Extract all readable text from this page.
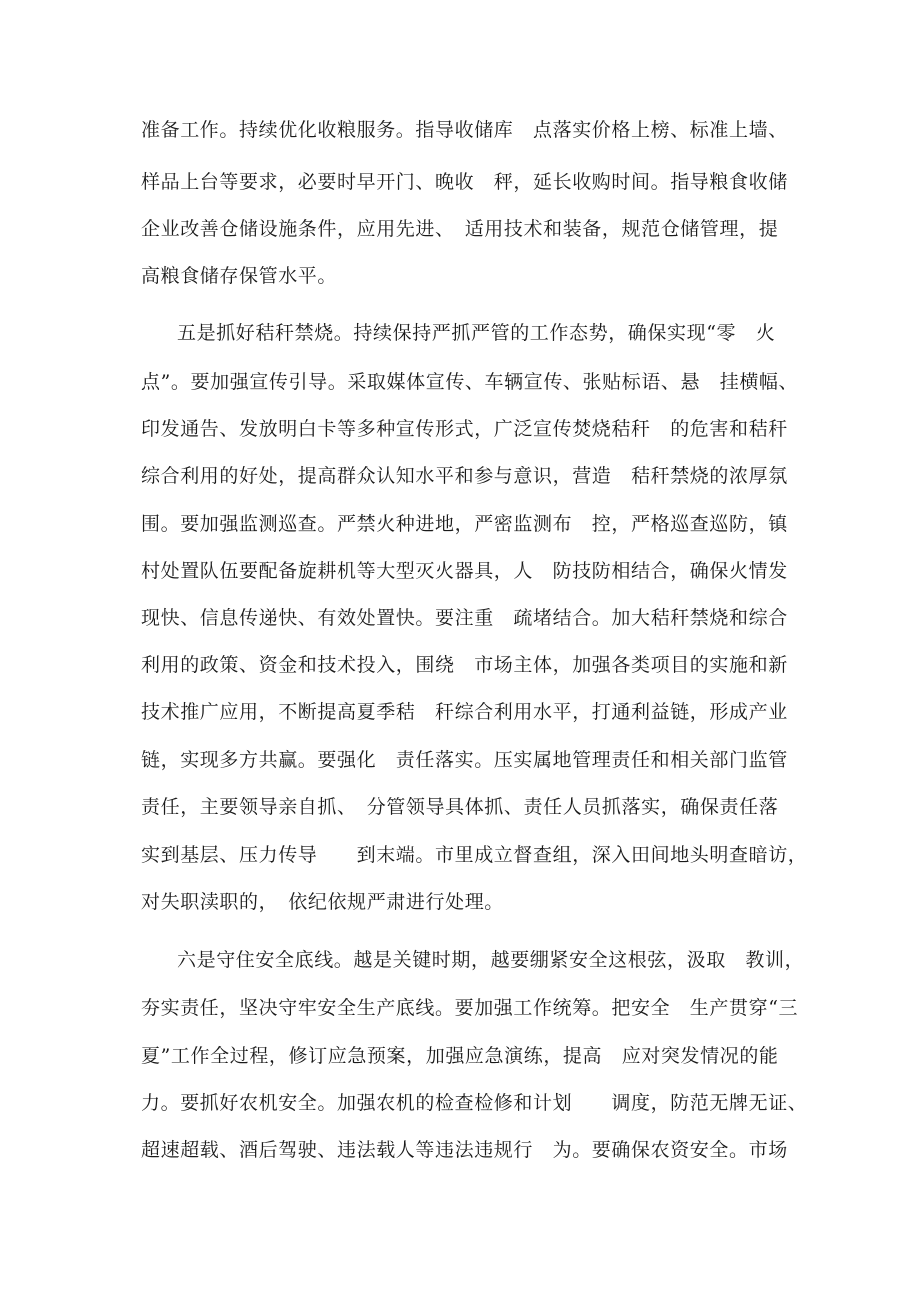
准备工作。持续优化收粮服务。指导收储库　点落实价格上榜、标准上墙、
样品上台等要求，必要时早开门、晚收　秤，延长收购时间。指导粮食收储
企业改善仓储设施条件，应用先进、　适用技术和装备，规范仓储管理，提
高粮食储存保管水平。
五是抓好秸秆禁烧。持续保持严抓严管的工作态势，确保实现“零　火
点”。要加强宣传引导。采取媒体宣传、车辆宣传、张贴标语、悬　挂横幅、
印发通告、发放明白卡等多种宣传形式，广泛宣传焚烧秸秆　的危害和秸秆
综合利用的好处，提高群众认知水平和参与意识，营造　秸秆禁烧的浓厚氛
围。要加强监测巡查。严禁火种进地，严密监测布　控，严格巡查巡防，镇
村处置队伍要配备旋耕机等大型灭火器具，人　防技防相结合，确保火情发
现快、信息传递快、有效处置快。要注重　疏堵结合。加大秸秆禁烧和综合
利用的政策、资金和技术投入，围绕　市场主体，加强各类项目的实施和新
技术推广应用，不断提高夏季秸　秆综合利用水平，打通利益链，形成产业
链，实现多方共赢。要强化　责任落实。压实属地管理责任和相关部门监管
责任，主要领导亲自抓、　分管领导具体抓、责任人员抓落实，确保责任落
实到基层、压力传导　　到末端。市里成立督查组，深入田间地头明查暗访，
对失职渎职的，　依纪依规严肃进行处理。
六是守住安全底线。越是关键时期，越要绷紧安全这根弦，汲取　教训，
夯实责任，坚决守牢安全生产底线。要加强工作统筹。把安全　生产贯穿“三
夏”工作全过程，修订应急预案，加强应急演练，提高　应对突发情况的能
力。要抓好农机安全。加强农机的检查检修和计划　　调度，防范无牌无证、
超速超载、酒后驾驶、违法载人等违法违规行　为。要确保农资安全。市场
